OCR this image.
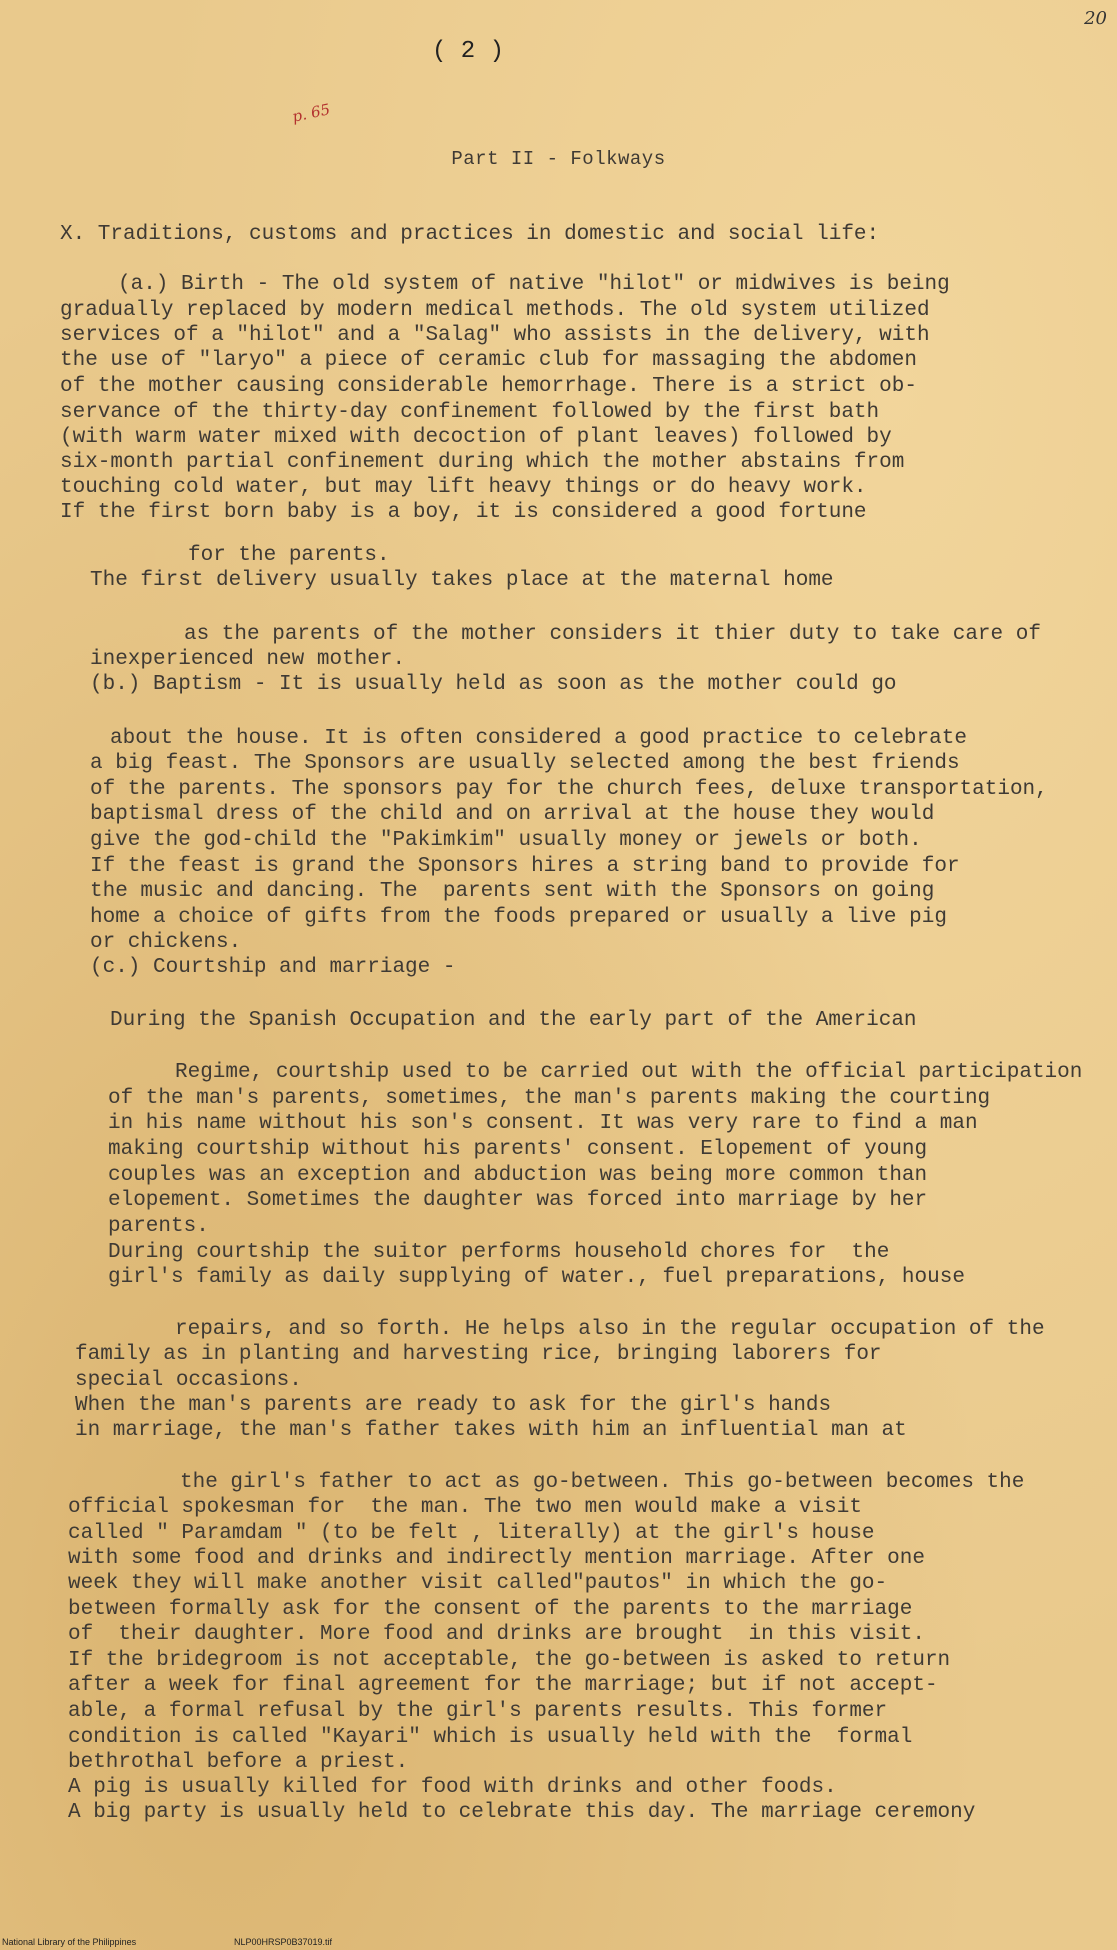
20
( 2 )
p. 65
Part II - Folkways
X. Traditions, customs and practices in domestic and social life:
(a.) Birth - The old system of native "hilot" or midwives is being
gradually replaced by modern medical methods. The old system utilized
services of a "hilot" and a "Salag" who assists in the delivery, with
the use of "laryo" a piece of ceramic club for massaging the abdomen
of the mother causing considerable hemorrhage. There is a strict ob-
servance of the thirty-day confinement followed by the first bath
(with warm water mixed with decoction of plant leaves) followed by
six-month partial confinement during which the mother abstains from
touching cold water, but may lift heavy things or do heavy work.
If the first born baby is a boy, it is considered a good fortune
for the parents.
The first delivery usually takes place at the maternal home
as the parents of the mother considers it thier duty to take care of
inexperienced new mother.
(b.) Baptism - It is usually held as soon as the mother could go
about the house. It is often considered a good practice to celebrate
a big feast. The Sponsors are usually selected among the best friends
of the parents. The sponsors pay for the church fees, deluxe transportation,
baptismal dress of the child and on arrival at the house they would
give the god-child the "Pakimkim" usually money or jewels or both.
If the feast is grand the Sponsors hires a string band to provide for
the music and dancing. The  parents sent with the Sponsors on going
home a choice of gifts from the foods prepared or usually a live pig
or chickens.
(c.) Courtship and marriage -
During the Spanish Occupation and the early part of the American
Regime, courtship used to be carried out with the official participation
of the man's parents, sometimes, the man's parents making the courting
in his name without his son's consent. It was very rare to find a man
making courtship without his parents' consent. Elopement of young
couples was an exception and abduction was being more common than
elopement. Sometimes the daughter was forced into marriage by her
parents.
During courtship the suitor performs household chores for  the
girl's family as daily supplying of water., fuel preparations, house
repairs, and so forth. He helps also in the regular occupation of the
family as in planting and harvesting rice, bringing laborers for
special occasions.
When the man's parents are ready to ask for the girl's hands
in marriage, the man's father takes with him an influential man at
the girl's father to act as go-between. This go-between becomes the
official spokesman for  the man. The two men would make a visit
called " Paramdam " (to be felt , literally) at the girl's house
with some food and drinks and indirectly mention marriage. After one
week they will make another visit called"pautos" in which the go-
between formally ask for the consent of the parents to the marriage
of  their daughter. More food and drinks are brought  in this visit.
If the bridegroom is not acceptable, the go-between is asked to return
after a week for final agreement for the marriage; but if not accept-
able, a formal refusal by the girl's parents results. This former
condition is called "Kayari" which is usually held with the  formal
bethrothal before a priest.
A pig is usually killed for food with drinks and other foods.
A big party is usually held to celebrate this day. The marriage ceremony
National Library of the Philippines	NLP00HRSP0B37019.tif
